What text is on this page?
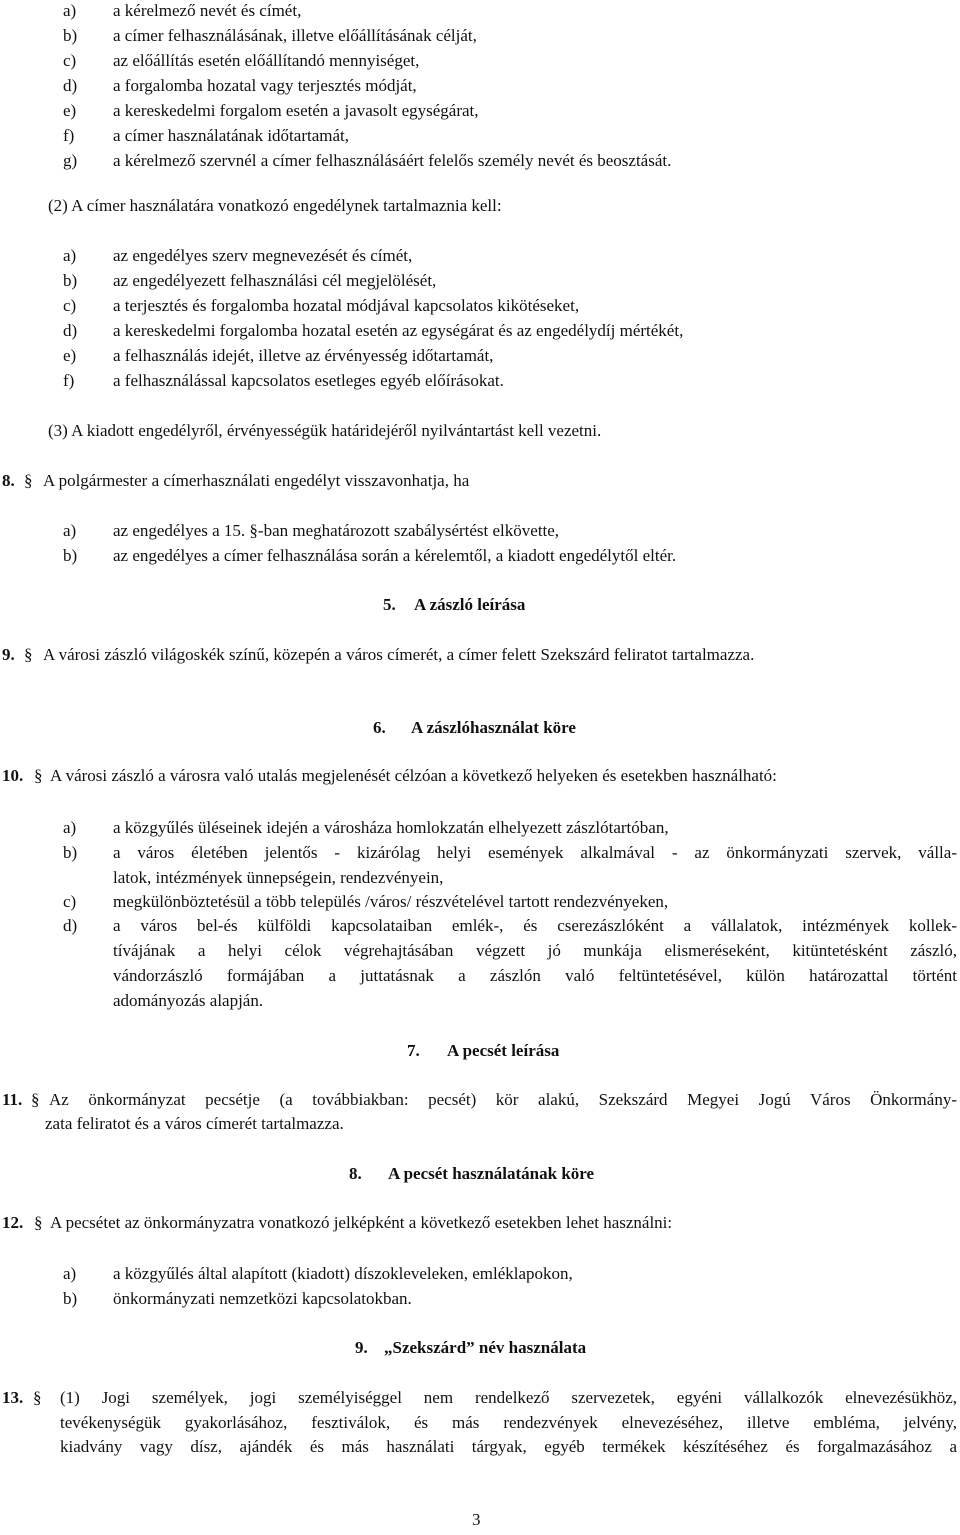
a) a kérelmező nevét és címét,
b) a címer felhasználásának, illetve előállításának célját,
c) az előállítás esetén előállítandó mennyiséget,
d) a forgalomba hozatal vagy terjesztés módját,
e) a kereskedelmi forgalom esetén a javasolt egységárat,
f) a címer használatának időtartamát,
g) a kérelmező szervnél a címer felhasználásáért felelős személy nevét és beosztását.
(2) A címer használatára vonatkozó engedélynek tartalmaznia kell:
a) az engedélyes szerv megnevezését és címét,
b) az engedélyezett felhasználási cél megjelölését,
c) a terjesztés és forgalomba hozatal módjával kapcsolatos kikötéseket,
d) a kereskedelmi forgalomba hozatal esetén az egységárat és az engedélydíj mértékét,
e) a felhasználás idejét, illetve az érvényesség időtartamát,
f) a felhasználással kapcsolatos esetleges egyéb előírásokat.
(3) A kiadott engedélyről, érvényességük határidejéről nyilvántartást kell vezetni.
8. § A polgármester a címerhasználati engedélyt visszavonhatja, ha
a) az engedélyes a 15. §-ban meghatározott szabálysértést elkövette,
b) az engedélyes a címer felhasználása során a kérelemtől, a kiadott engedélytől eltér.
5. A zászló leírása
9. § A városi zászló világoskék színű, közepén a város címerét, a címer felett Szekszárd feliratot tartalmazza.
6. A zászlóhasználat köre
10. § A városi zászló a városra való utalás megjelenését célzóan a következő helyeken és esetekben használható:
a) a közgyűlés üléseinek idején a városháza homlokzatán elhelyezett zászlótartóban,
b) a város életében jelentős - kizárólag helyi események alkalmával - az önkormányzati szervek, válla-
latok, intézmények ünnepségein, rendezvényein,
c) megkülönböztetésül a több település /város/ részvételével tartott rendezvényeken,
d) a város bel-és külföldi kapcsolataiban emlék-, és cserezászlóként a vállalatok, intézmények kollek-
tívájának a helyi célok végrehajtásában végzett jó munkája elismeréseként, kitüntetésként zászló,
vándorzászló formájában a juttatásnak a zászlón való feltüntetésével, külön határozattal történt
adományozás alapján.
7. A pecsét leírása
11. § Az önkormányzat pecsétje (a továbbiakban: pecsét) kör alakú, Szekszárd Megyei Jogú Város Önkormány-
zata feliratot és a város címerét tartalmazza.
8. A pecsét használatának köre
12. § A pecsétet az önkormányzatra vonatkozó jelképként a következő esetekben lehet használni:
a) a közgyűlés által alapított (kiadott) díszokleveleken, emléklapokon,
b) önkormányzati nemzetközi kapcsolatokban.
9. „Szekszárd” név használata
13. § (1) Jogi személyek, jogi személyiséggel nem rendelkező szervezetek, egyéni vállalkozók elnevezésükhöz,
tevékenységük gyakorlásához, fesztiválok, és más rendezvények elnevezéséhez, illetve embléma, jelvény,
kiadvány vagy dísz, ajándék és más használati tárgyak, egyéb termékek készítéséhez és forgalmazásához a
3
